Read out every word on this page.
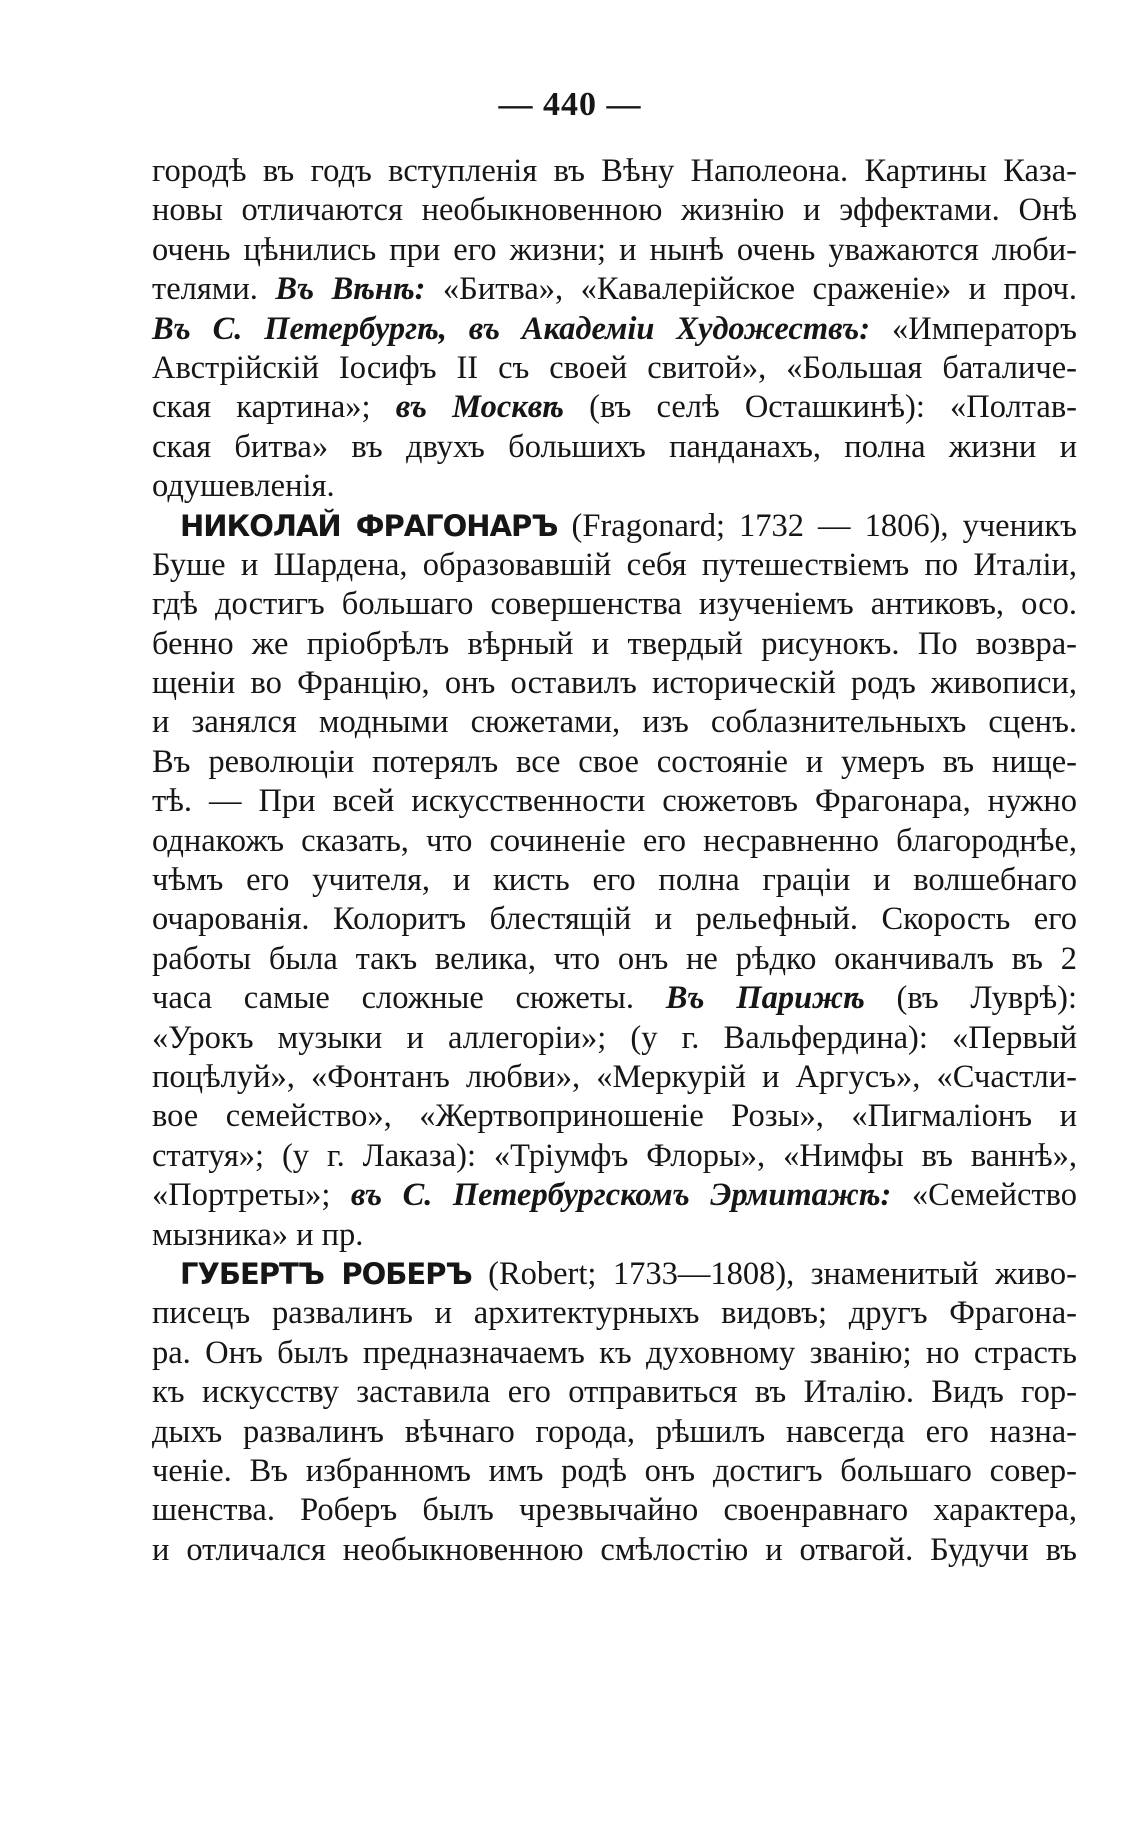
— 440 —
городѣ въ годъ вступленія въ Вѣну Наполеона. Картины Каза-
новы отличаются необыкновенною жизнію и эффектами. Онѣ
очень цѣнились при его жизни; и нынѣ очень уважаются люби-
телями. Въ Вѣнѣ: «Битва», «Кавалерійское сраженіе» и проч.
Въ С. Петербургѣ, въ Академіи Художествъ: «Императоръ
Австрійскій Іосифъ II съ своей свитой», «Большая баталиче-
ская картина»; въ Москвѣ (въ селѣ Осташкинѣ): «Полтав-
ская битва» въ двухъ большихъ панданахъ, полна жизни и
одушевленія.
НИКОЛАЙ ФРАГОНАРЪ (Fragonard; 1732 — 1806), ученикъ
Буше и Шардена, образовавшій себя путешествіемъ по Италіи,
гдѣ достигъ большаго совершенства изученіемъ антиковъ, осо.
бенно же пріобрѣлъ вѣрный и твердый рисунокъ. По возвра-
щеніи во Францію, онъ оставилъ историческій родъ живописи,
и занялся модными сюжетами, изъ соблазнительныхъ сценъ.
Въ революціи потерялъ все свое состояніе и умеръ въ нище-
тѣ. — При всей искусственности сюжетовъ Фрагонара, нужно
однакожъ сказать, что сочиненіе его несравненно благороднѣе,
чѣмъ его учителя, и кисть его полна граціи и волшебнаго
очарованія. Колоритъ блестящій и рельефный. Скорость его
работы была такъ велика, что онъ не рѣдко оканчивалъ въ 2
часа самые сложные сюжеты. Въ Парижѣ (въ Луврѣ):
«Урокъ музыки и аллегоріи»; (у г. Вальфердина): «Первый
поцѣлуй», «Фонтанъ любви», «Меркурій и Аргусъ», «Счастли-
вое семейство», «Жертвоприношеніе Розы», «Пигмаліонъ и
статуя»; (у г. Лаказа): «Тріумфъ Флоры», «Нимфы въ ваннѣ»,
«Портреты»; въ С. Петербургскомъ Эрмитажѣ: «Семейство
мызника» и пр.
ГУБЕРТЪ РОБЕРЪ (Robert; 1733—1808), знаменитый живо-
писецъ развалинъ и архитектурныхъ видовъ; другъ Фрагона-
ра. Онъ былъ предназначаемъ къ духовному званію; но страсть
къ искусству заставила его отправиться въ Италію. Видъ гор-
дыхъ развалинъ вѣчнаго города, рѣшилъ навсегда его назна-
ченіе. Въ избранномъ имъ родѣ онъ достигъ большаго совер-
шенства. Роберъ былъ чрезвычайно своенравнаго характера,
и отличался необыкновенною смѣлостію и отвагой. Будучи въ
